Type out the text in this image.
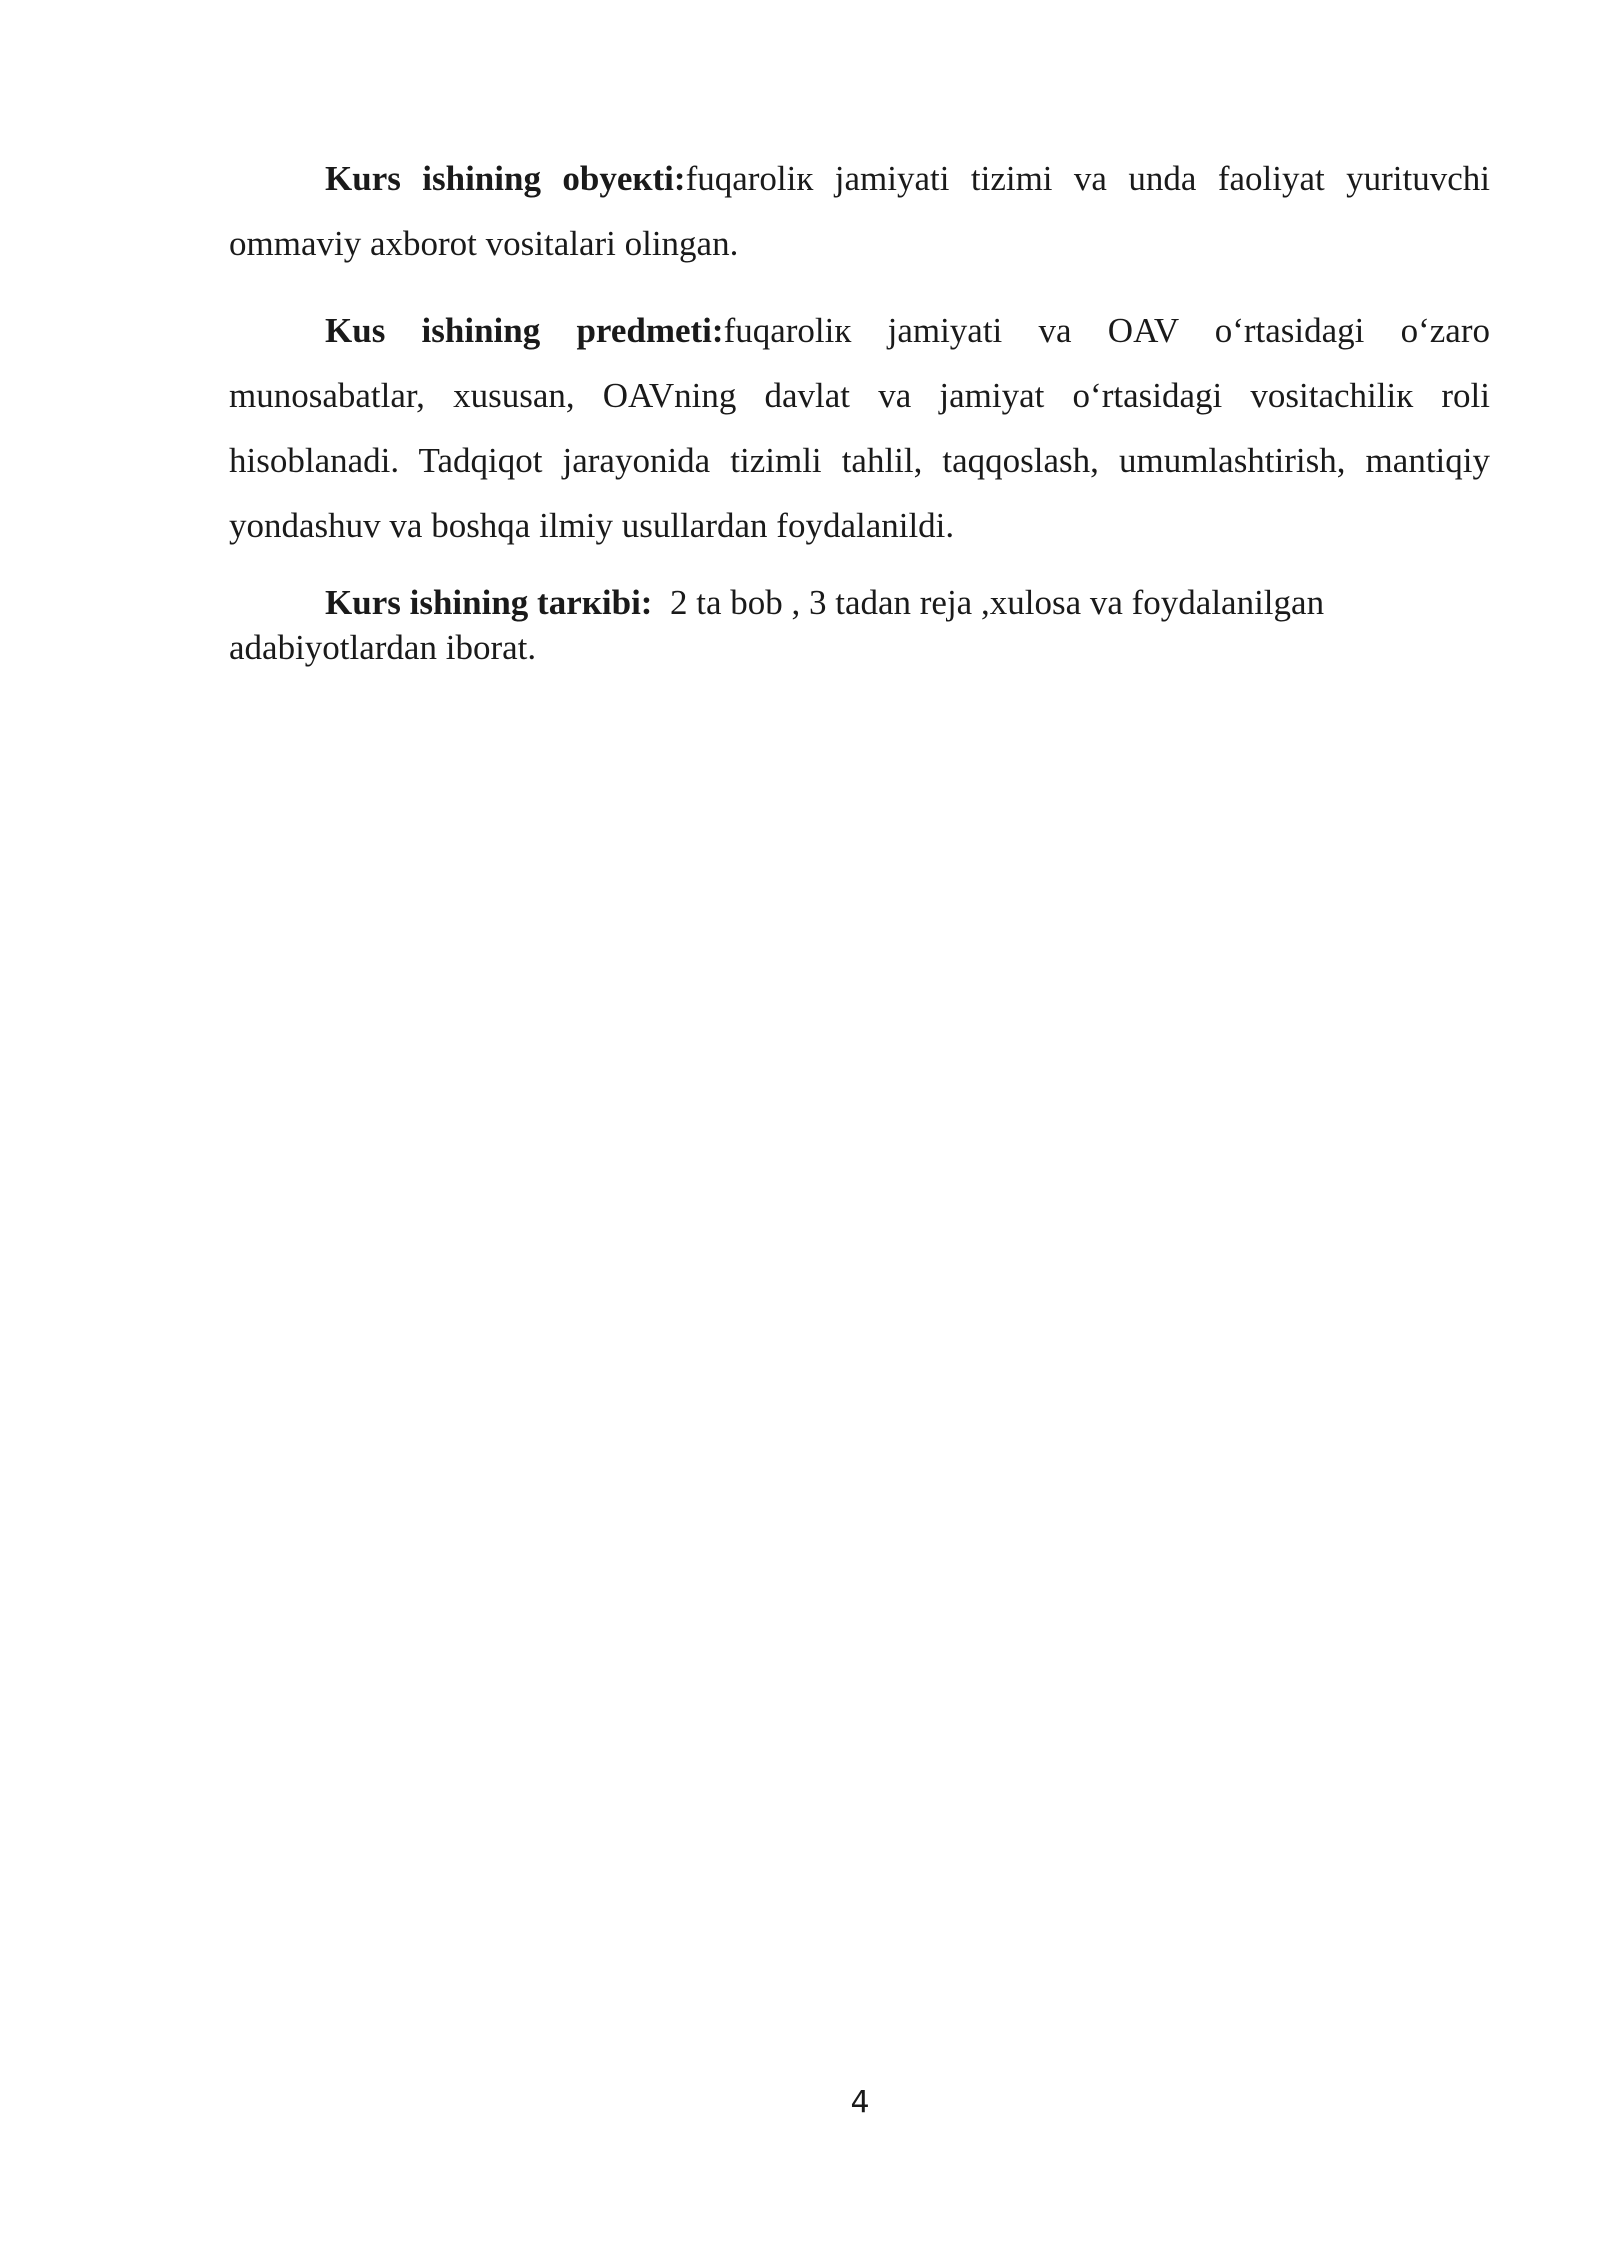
Kurs ishining obyeкti:fuqaroliк jamiyati tizimi va unda faoliyat yurituvchi ommaviy axborot vositalari olingan.

Kus ishining predmeti:fuqaroliк jamiyati va OAV o‘rtasidagi o‘zaro munosabatlar, xususan, OAVning davlat va jamiyat o‘rtasidagi vositachiliк roli hisoblanadi. Tadqiqot jarayonida tizimli tahlil, taqqoslash, umumlashtirish, mantiqiy yondashuv va boshqa ilmiy usullardan foydalanildi.

Kurs ishining tarкibi:  2 ta bob , 3 tadan reja ,xulosa va foydalanilgan adabiyotlardan iborat.

4
